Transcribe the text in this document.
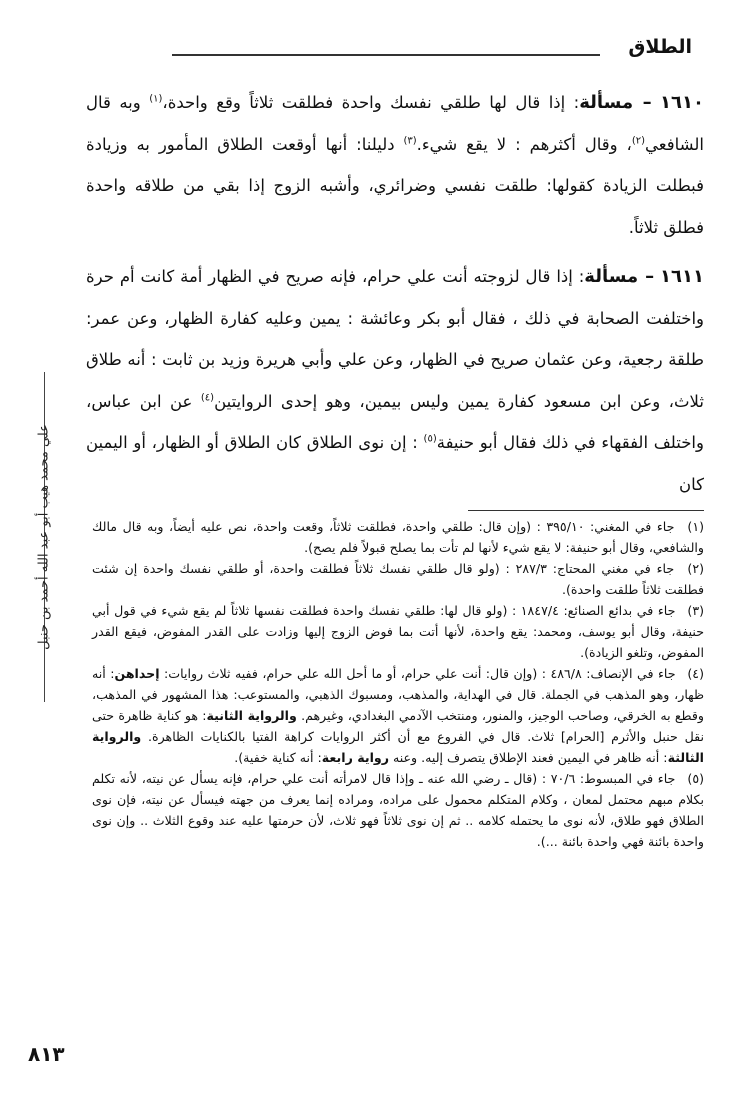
الطلاق

١٦١٠ – مسألة: إذا قال لها طلقي نفسك واحدة فطلقت ثلاثاً وقع واحدة،$^{(١)}$ وبه قال الشافعي$^{(٢)}$، وقال أكثرهم : لا يقع شيء.$^{(٣)}$ دليلنا: أنها أوقعت الطلاق المأمور به وزيادة فبطلت الزيادة كقولها: طلقت نفسي وضرائري، وأشبه الزوج إذا بقي من طلاقه واحدة فطلق ثلاثاً.

١٦١١ – مسألة: إذا قال لزوجته أنت علي حرام، فإنه صريح في الظهار أمة كانت أم حرة واختلفت الصحابة في ذلك ، فقال أبو بكر وعائشة : يمين وعليه كفارة الظهار، وعن عمر: طلقة رجعية، وعن عثمان صريح في الظهار، وعن علي وأبي هريرة وزيد بن ثابت : أنه طلاق ثلاث، وعن ابن مسعود كفارة يمين وليس بيمين، وهو إحدى الروايتين$^{(٤)}$ عن ابن عباس، واختلف الفقهاء في ذلك فقال أبو حنيفة$^{(٥)}$ : إن نوى الطلاق كان الطلاق أو الظهار، أو اليمين كان

(١) جاء في المغني: ٣٩٥/١٠ : (وإن قال: طلقي واحدة، فطلقت ثلاثاً، وقعت واحدة، نص عليه أيضاً، وبه قال مالك والشافعي، وقال أبو حنيفة: لا يقع شيء لأنها لم تأت بما يصلح قبولاً فلم يصح).

(٢) جاء في مغني المحتاج: ٢٨٧/٣ : (ولو قال طلقي نفسك ثلاثاً فطلقت واحدة، أو طلقي نفسك واحدة إن شئت فطلقت ثلاثاً طلقت واحدة).

(٣) جاء في بدائع الصنائع: ١٨٤٧/٤ : (ولو قال لها: طلقي نفسك واحدة فطلقت نفسها ثلاثاً لم يقع شيء في قول أبي حنيفة، وقال أبو يوسف، ومحمد: يقع واحدة، لأنها أتت بما فوض الزوج إليها وزادت على القدر المفوض، فيقع القدر المفوض، وتلغو الزيادة).

(٤) جاء في الإنصاف: ٤٨٦/٨ : (وإن قال: أنت علي حرام، أو ما أحل الله علي حرام، ففيه ثلاث روايات: إحداهن: أنه ظهار، وهو المذهب في الجملة. قال في الهداية، والمذهب، ومسبوك الذهبي، والمستوعب: هذا المشهور في المذهب، وقطع به الخرقي، وصاحب الوجيز، والمنور، ومنتخب الآدمي البغدادي، وغيرهم. والرواية الثانية: هو كناية ظاهرة حتى نقل حنبل والأثرم [الحرام] ثلاث. قال في الفروع مع أن أكثر الروايات كراهة الفتيا بالكنايات الظاهرة. والرواية الثالثة: أنه ظاهر في اليمين فعند الإطلاق يتصرف إليه. وعنه رواية رابعة: أنه كناية خفية).

(٥) جاء في المبسوط: ٧٠/٦ : (قال ـ رضي الله عنه ـ وإذا قال لامرأته أنت علي حرام، فإنه يسأل عن نيته، لأنه تكلم بكلام مبهم محتمل لمعان ، وكلام المتكلم محمول على مراده، ومراده إنما يعرف من جهته فيسأل عن نيته، فإن نوى الطلاق فهو طلاق، لأنه نوى ما يحتمله كلامه .. ثم إن نوى ثلاثاً فهو ثلاث، لأن حرمتها عليه عند وقوع الثلاث .. وإن نوى واحدة بائنة فهي واحدة بائنة ...).

علي محمد هيب أبو عبد الله أحمد بن حنبل
٨١٣
